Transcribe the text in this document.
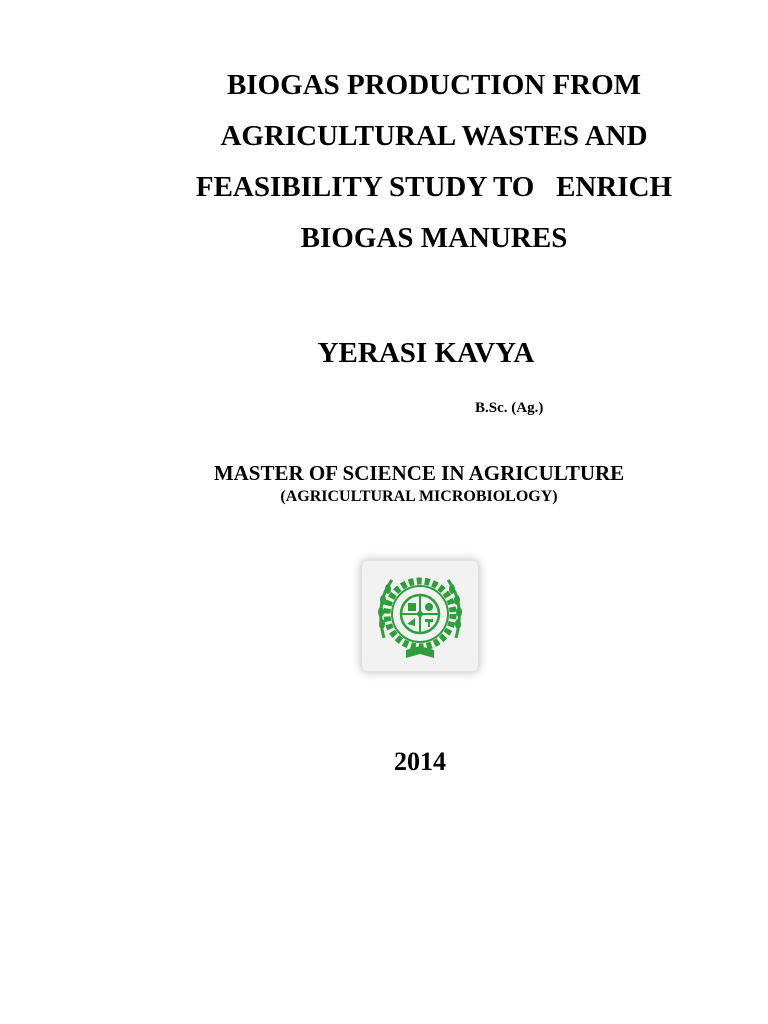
BIOGAS PRODUCTION FROM
AGRICULTURAL WASTES AND
FEASIBILITY STUDY TO   ENRICH
BIOGAS MANURES
YERASI KAVYA
B.Sc. (Ag.)
MASTER OF SCIENCE IN AGRICULTURE
(AGRICULTURAL MICROBIOLOGY)
2014
